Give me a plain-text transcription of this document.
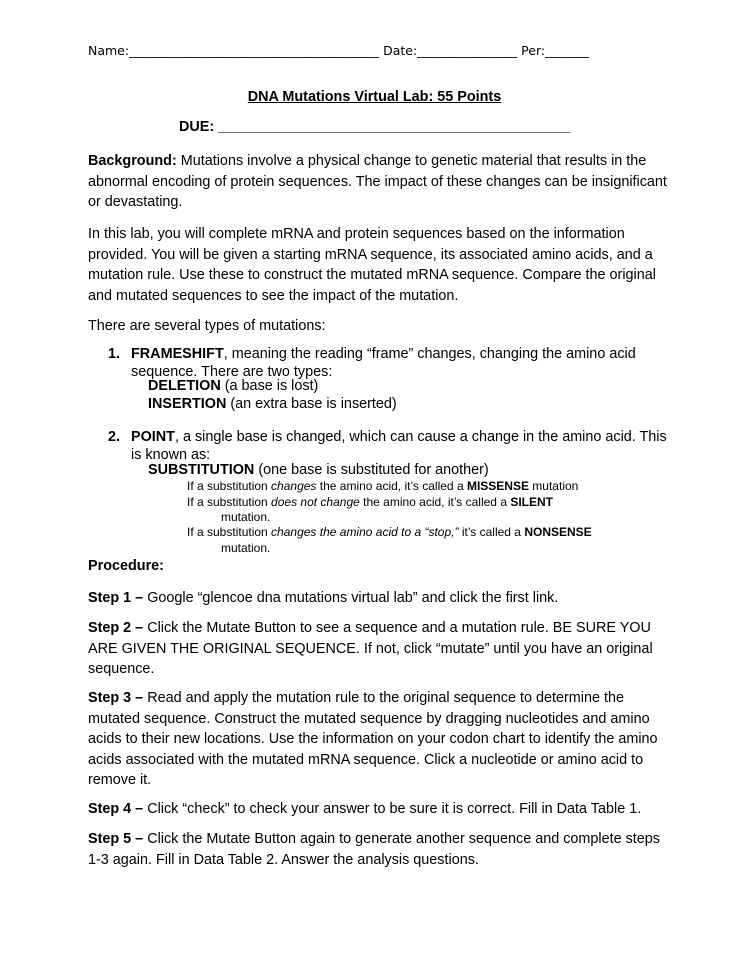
Name:________________________________________ Date:________________ Per:_______
DNA Mutations Virtual Lab: 55 Points
DUE: ____________________________________________
Background: Mutations involve a physical change to genetic material that results in the abnormal encoding of protein sequences. The impact of these changes can be insignificant or devastating.
In this lab, you will complete mRNA and protein sequences based on the information provided. You will be given a starting mRNA sequence, its associated amino acids, and a mutation rule. Use these to construct the mutated mRNA sequence. Compare the original and mutated sequences to see the impact of the mutation.
There are several types of mutations:
1. FRAMESHIFT, meaning the reading “frame” changes, changing the amino acid sequence. There are two types:
DELETION (a base is lost)
INSERTION (an extra base is inserted)
2. POINT, a single base is changed, which can cause a change in the amino acid. This is known as:
SUBSTITUTION (one base is substituted for another)
If a substitution changes the amino acid, it’s called a MISSENSE mutation
If a substitution does not change the amino acid, it’s called a SILENT
mutation.
If a substitution changes the amino acid to a “stop,” it’s called a NONSENSE
mutation.
Procedure:
Step 1 – Google “glencoe dna mutations virtual lab” and click the first link.
Step 2 – Click the Mutate Button to see a sequence and a mutation rule. BE SURE YOU ARE GIVEN THE ORIGINAL SEQUENCE. If not, click “mutate” until you have an original sequence.
Step 3 – Read and apply the mutation rule to the original sequence to determine the mutated sequence. Construct the mutated sequence by dragging nucleotides and amino acids to their new locations. Use the information on your codon chart to identify the amino acids associated with the mutated mRNA sequence. Click a nucleotide or amino acid to remove it.
Step 4 – Click “check” to check your answer to be sure it is correct. Fill in Data Table 1.
Step 5 – Click the Mutate Button again to generate another sequence and complete steps 1-3 again. Fill in Data Table 2. Answer the analysis questions.
